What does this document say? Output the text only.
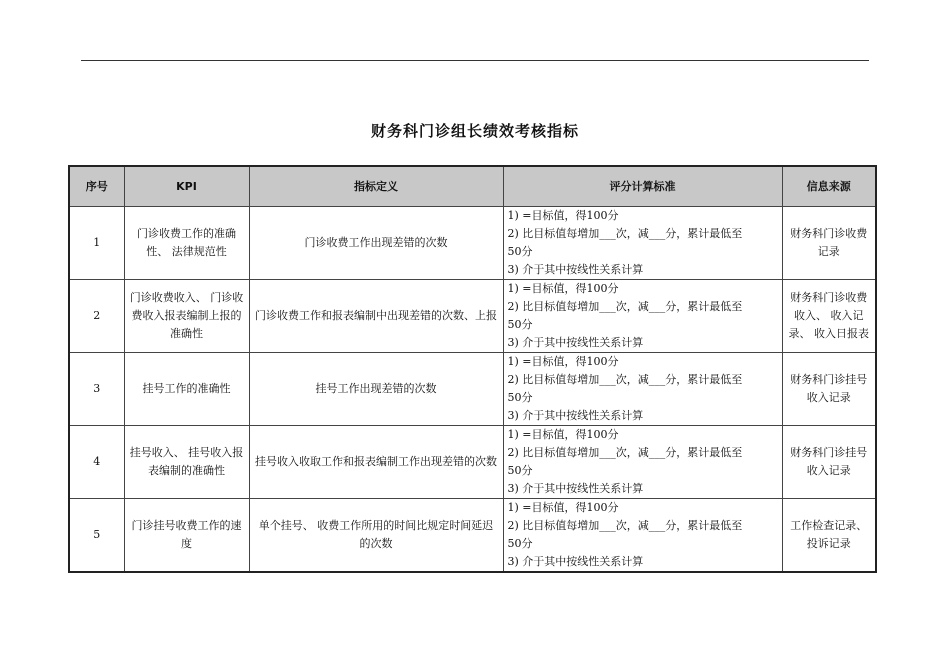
财务科门诊组长绩效考核指标
序号	KPI	指标定义	评分计算标准	信息来源
1	门诊收费工作的准确性、 法律规范性	门诊收费工作出现差错的次数	1) =目标值，得100分
2) 比目标值每增加___次，减___分，累计最低至
50分
3) 介于其中按线性关系计算	财务科门诊收费记录
2	门诊收费收入、 门诊收费收入报表编制上报的准确性	门诊收费工作和报表编制中出现差错的次数、上报	1) =目标值，得100分
2) 比目标值每增加___次，减___分，累计最低至
50分
3) 介于其中按线性关系计算	财务科门诊收费收入、 收入记录、 收入日报表
3	挂号工作的准确性	挂号工作出现差错的次数	1) =目标值，得100分
2) 比目标值每增加___次，减___分，累计最低至
50分
3) 介于其中按线性关系计算	财务科门诊挂号收入记录
4	挂号收入、 挂号收入报表编制的准确性	挂号收入收取工作和报表编制工作出现差错的次数	1) =目标值，得100分
2) 比目标值每增加___次，减___分，累计最低至
50分
3) 介于其中按线性关系计算	财务科门诊挂号收入记录
5	门诊挂号收费工作的速度	单个挂号、 收费工作所用的时间比规定时间延迟的次数	1) =目标值，得100分
2) 比目标值每增加___次，减___分，累计最低至
50分
3) 介于其中按线性关系计算	工作检查记录、 投诉记录
